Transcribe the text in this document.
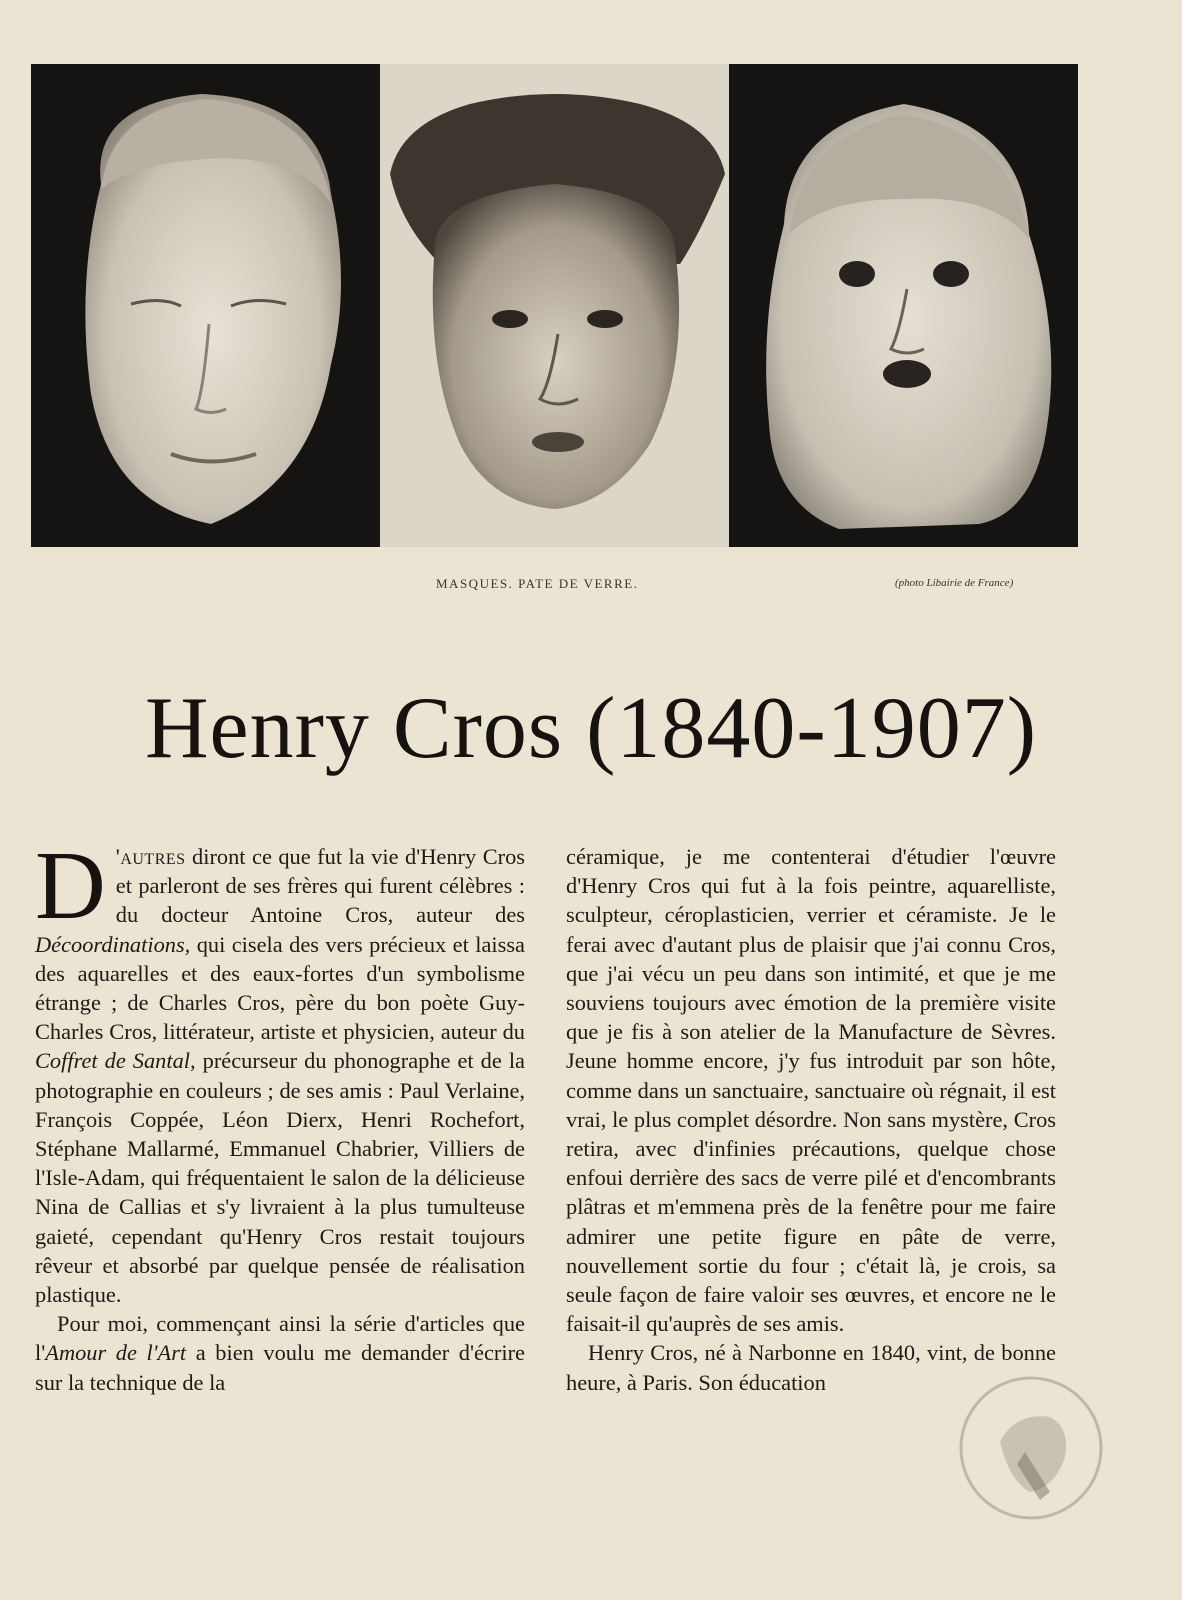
MASQUES. PATE DE VERRE.	(photo Libairie de France)
Henry Cros (1840-1907)

D 'autres diront ce que fut la vie d'Henry Cros et parleront de ses frères qui furent célèbres : du docteur Antoine Cros, auteur des Décoordinations, qui cisela des vers précieux et laissa des aquarelles et des eaux-fortes d'un symbolisme étrange ; de Charles Cros, père du bon poète Guy-Charles Cros, littérateur, artiste et physicien, auteur du Coffret de Santal, précurseur du phonographe et de la photographie en couleurs ; de ses amis : Paul Verlaine, François Coppée, Léon Dierx, Henri Rochefort, Stéphane Mallarmé, Emmanuel Chabrier, Villiers de l'Isle-Adam, qui fréquentaient le salon de la délicieuse Nina de Callias et s'y livraient à la plus tumulteuse gaieté, cependant qu'Henry Cros restait toujours rêveur et absorbé par quelque pensée de réalisation plastique.

Pour moi, commençant ainsi la série d'articles que l'Amour de l'Art a bien voulu me demander d'écrire sur la technique de la

céramique, je me contenterai d'étudier l'œuvre d'Henry Cros qui fut à la fois peintre, aquarelliste, sculpteur, céroplasticien, verrier et céramiste. Je le ferai avec d'autant plus de plaisir que j'ai connu Cros, que j'ai vécu un peu dans son intimité, et que je me souviens toujours avec émotion de la première visite que je fis à son atelier de la Manufacture de Sèvres. Jeune homme encore, j'y fus introduit par son hôte, comme dans un sanctuaire, sanctuaire où régnait, il est vrai, le plus complet désordre. Non sans mystère, Cros retira, avec d'infinies précautions, quelque chose enfoui derrière des sacs de verre pilé et d'encombrants plâtras et m'emmena près de la fenêtre pour me faire admirer une petite figure en pâte de verre, nouvellement sortie du four ; c'était là, je crois, sa seule façon de faire valoir ses œuvres, et encore ne le faisait-il qu'auprès de ses amis.

Henry Cros, né à Narbonne en 1840, vint, de bonne heure, à Paris. Son éducation
